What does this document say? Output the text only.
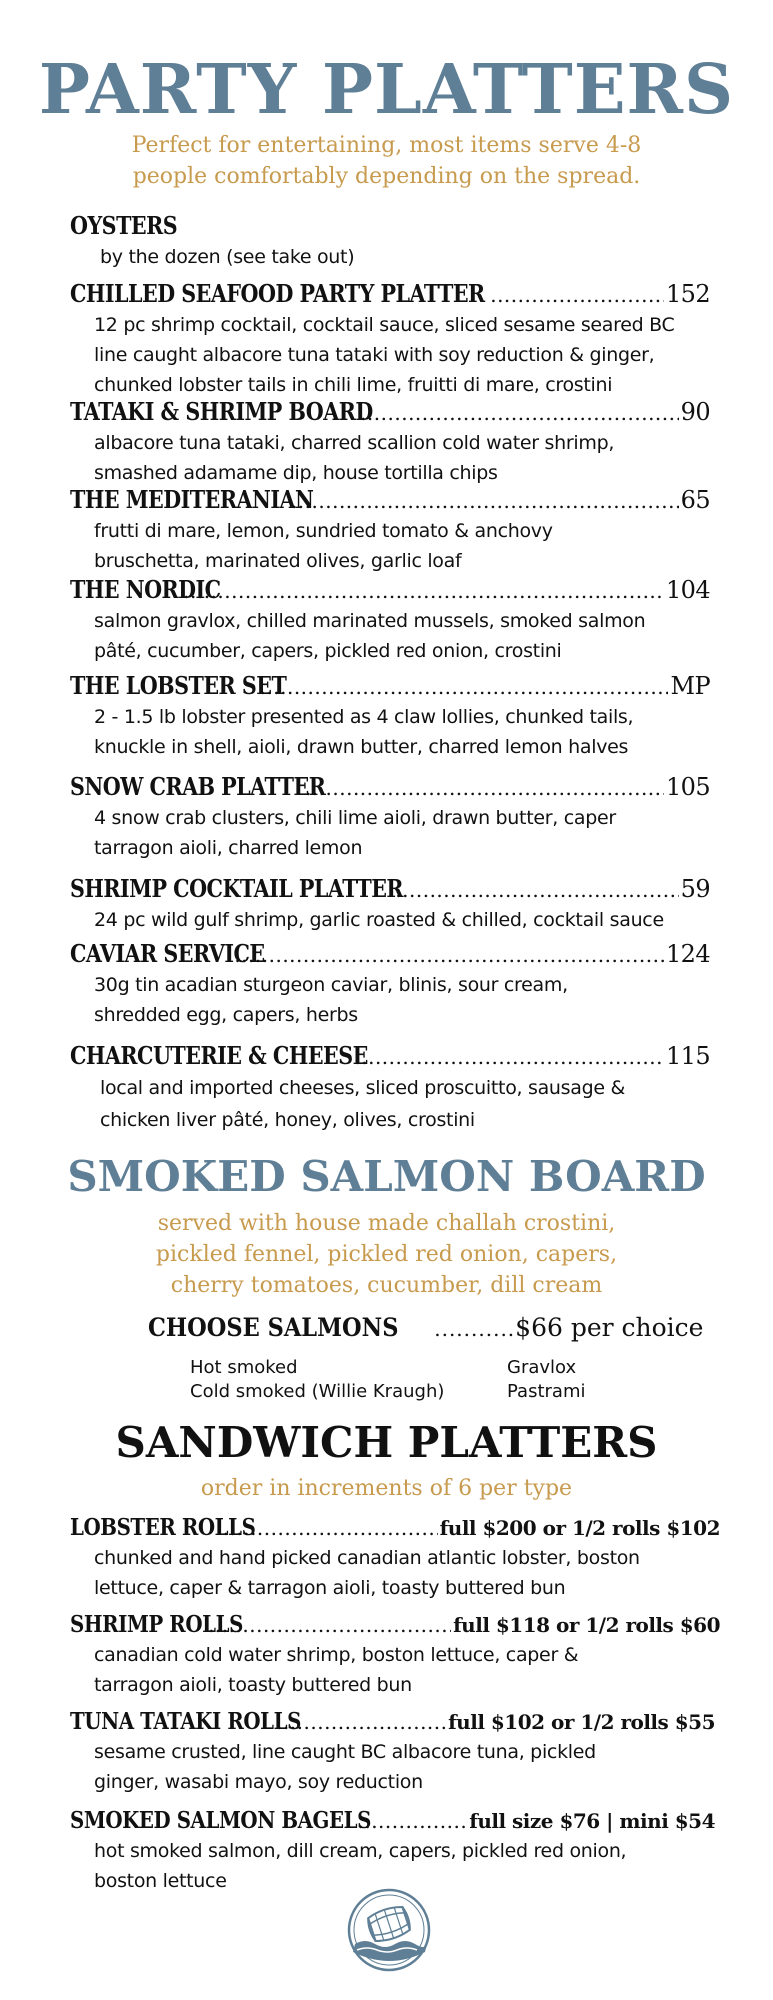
PARTY PLATTERS

Perfect for entertaining, most items serve 4-8

people comfortably depending on the spread.

OYSTERS

by the dozen (see take out)

CHILLED SEAFOOD PARTY PLATTER .....	152

12 pc shrimp cocktail, cocktail sauce, sliced sesame seared BC

line caught albacore tuna tataki with soy reduction & ginger,

chunked lobster tails in chili lime, fruitti di mare, crostini

TATAKI & SHRIMP BOARD .....	90

albacore tuna tataki, charred scallion cold water shrimp,

smashed adamame dip, house tortilla chips

THE MEDITERANIAN .....	65

frutti di mare, lemon, sundried tomato & anchovy

bruschetta, marinated olives, garlic loaf

THE NORDIC .....	104

salmon gravlox, chilled marinated mussels, smoked salmon

pâté, cucumber, capers, pickled red onion, crostini

THE LOBSTER SET .....	MP

2 - 1.5 lb lobster presented as 4 claw lollies, chunked tails,

knuckle in shell, aioli, drawn butter, charred lemon halves

SNOW CRAB PLATTER .....	105

4 snow crab clusters, chili lime aioli, drawn butter, caper

tarragon aioli, charred lemon

SHRIMP COCKTAIL PLATTER .....	59

24 pc wild gulf shrimp, garlic roasted & chilled, cocktail sauce

CAVIAR SERVICE .....	124

30g tin acadian sturgeon caviar, blinis, sour cream,

shredded egg, capers, herbs

CHARCUTERIE & CHEESE .....	115

local and imported cheeses, sliced proscuitto, sausage &

chicken liver pâté, honey, olives, crostini

SMOKED SALMON BOARD

served with house made challah crostini,

pickled fennel, pickled red onion, capers,

cherry tomatoes, cucumber, dill cream

CHOOSE SALMONS ...........$66 per choice
Hot smoked
Cold smoked (Willie Kraugh)
Gravlox
Pastrami
SANDWICH PLATTERS

order in increments of 6 per type

LOBSTER ROLLS .....	full $200 or 1/2 rolls $102

chunked and hand picked canadian atlantic lobster, boston

lettuce, caper & tarragon aioli, toasty buttered bun

SHRIMP ROLLS .....	full $118 or 1/2 rolls $60

canadian cold water shrimp, boston lettuce, caper &

tarragon aioli, toasty buttered bun

TUNA TATAKI ROLLS .....	full $102 or 1/2 rolls $55

sesame crusted, line caught BC albacore tuna, pickled

ginger, wasabi mayo, soy reduction

SMOKED SALMON BAGELS .....	full size $76 | mini $54

hot smoked salmon, dill cream, capers, pickled red onion,

boston lettuce
